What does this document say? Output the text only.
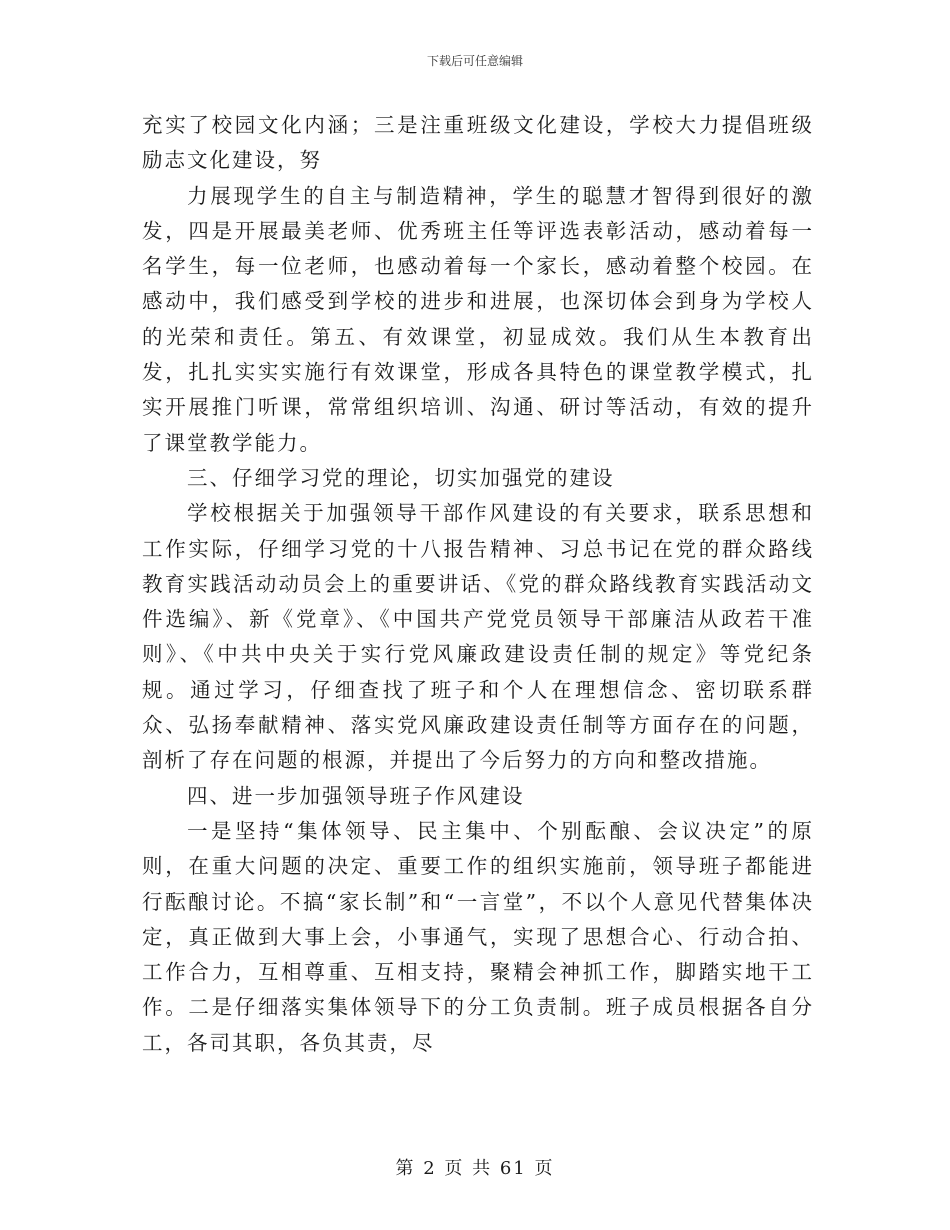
下载后可任意编辑

充实了校园文化内涵；三是注重班级文化建设，学校大力提倡班级励志文化建设，努

力展现学生的自主与制造精神，学生的聪慧才智得到很好的激发，四是开展最美老师、优秀班主任等评选表彰活动，感动着每一名学生，每一位老师，也感动着每一个家长，感动着整个校园。在感动中，我们感受到学校的进步和进展，也深切体会到身为学校人的光荣和责任。第五、有效课堂，初显成效。我们从生本教育出发，扎扎实实实施行有效课堂，形成各具特色的课堂教学模式，扎实开展推门听课，常常组织培训、沟通、研讨等活动，有效的提升了课堂教学能力。

三、仔细学习党的理论，切实加强党的建设

学校根据关于加强领导干部作风建设的有关要求，联系思想和工作实际，仔细学习党的十八报告精神、习总书记在党的群众路线教育实践活动动员会上的重要讲话、《党的群众路线教育实践活动文件选编》、新《党章》、《中国共产党党员领导干部廉洁从政若干准则》、《中共中央关于实行党风廉政建设责任制的规定》等党纪条规。通过学习，仔细查找了班子和个人在理想信念、密切联系群众、弘扬奉献精神、落实党风廉政建设责任制等方面存在的问题，剖析了存在问题的根源，并提出了今后努力的方向和整改措施。

四、进一步加强领导班子作风建设

一是坚持“集体领导、民主集中、个别酝酿、会议决定”的原则，在重大问题的决定、重要工作的组织实施前，领导班子都能进行酝酿讨论。不搞“家长制”和“一言堂”，不以个人意见代替集体决定，真正做到大事上会，小事通气，实现了思想合心、行动合拍、工作合力，互相尊重、互相支持，聚精会神抓工作，脚踏实地干工作。二是仔细落实集体领导下的分工负责制。班子成员根据各自分工，各司其职，各负其责，尽

第 2 页 共 61 页
